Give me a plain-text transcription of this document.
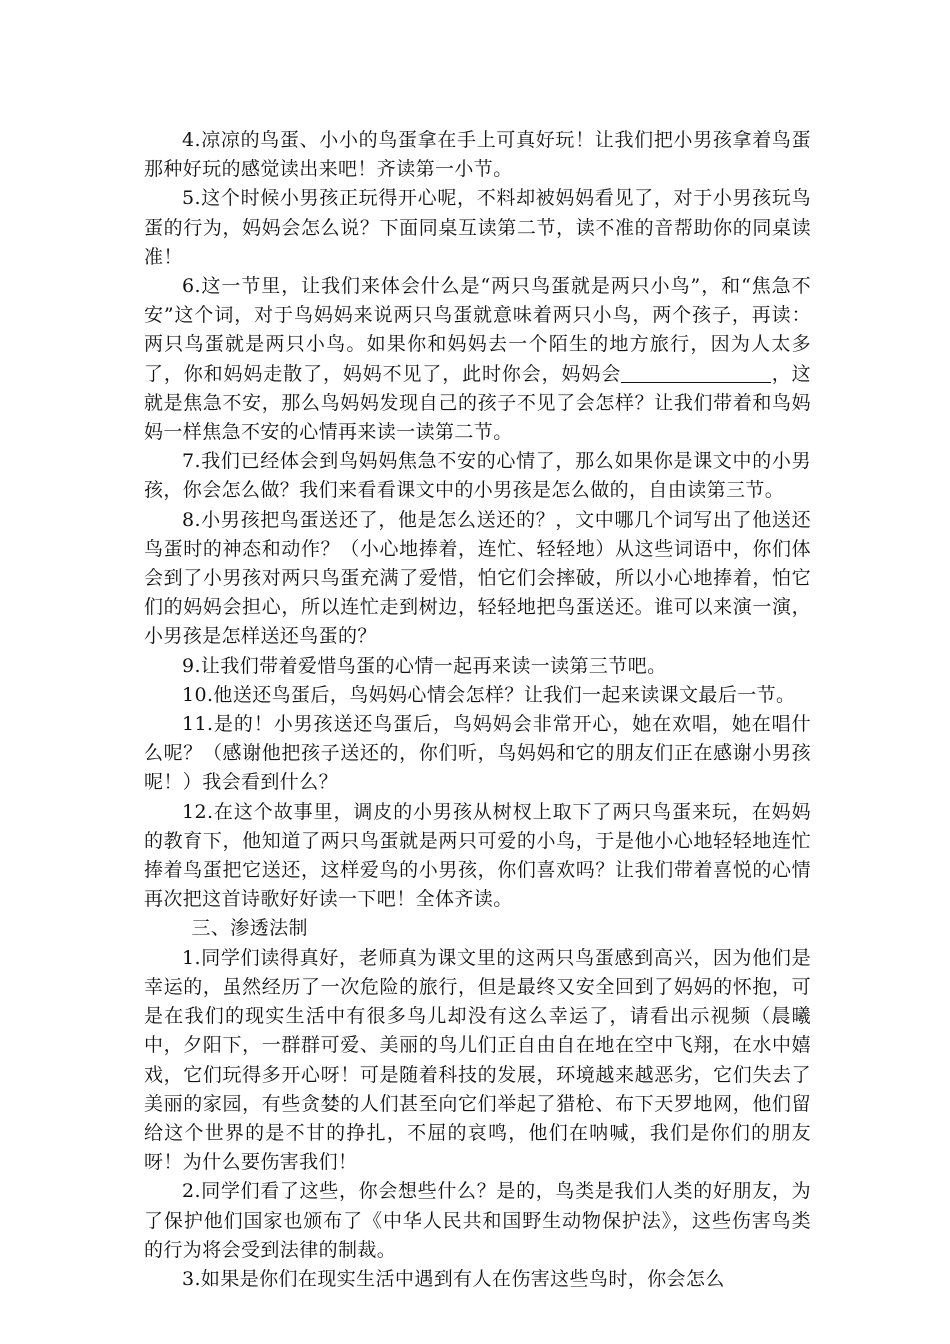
4.凉凉的鸟蛋、小小的鸟蛋拿在手上可真好玩！让我们把小男孩拿着鸟蛋那种好玩的感觉读出来吧！齐读第一小节。

5.这个时候小男孩正玩得开心呢，不料却被妈妈看见了，对于小男孩玩鸟蛋的行为，妈妈会怎么说？下面同桌互读第二节，读不准的音帮助你的同桌读准！

6.这一节里，让我们来体会什么是“两只鸟蛋就是两只小鸟”，和“焦急不安”这个词，对于鸟妈妈来说两只鸟蛋就意味着两只小鸟，两个孩子，再读：两只鸟蛋就是两只小鸟。如果你和妈妈去一个陌生的地方旅行，因为人太多了，你和妈妈走散了，妈妈不见了，此时你会，妈妈会	，这就是焦急不安，那么鸟妈妈发现自己的孩子不见了会怎样？让我们带着和鸟妈妈一样焦急不安的心情再来读一读第二节。

7.我们已经体会到鸟妈妈焦急不安的心情了，那么如果你是课文中的小男孩，你会怎么做？我们来看看课文中的小男孩是怎么做的，自由读第三节。

8.小男孩把鸟蛋送还了，他是怎么送还的？，文中哪几个词写出了他送还鸟蛋时的神态和动作？（小心地捧着，连忙、轻轻地）从这些词语中，你们体会到了小男孩对两只鸟蛋充满了爱惜，怕它们会摔破，所以小心地捧着，怕它们的妈妈会担心，所以连忙走到树边，轻轻地把鸟蛋送还。谁可以来演一演，小男孩是怎样送还鸟蛋的？

9.让我们带着爱惜鸟蛋的心情一起再来读一读第三节吧。

10.他送还鸟蛋后，鸟妈妈心情会怎样？让我们一起来读课文最后一节。

11.是的！小男孩送还鸟蛋后，鸟妈妈会非常开心，她在欢唱，她在唱什么呢？（感谢他把孩子送还的，你们听，鸟妈妈和它的朋友们正在感谢小男孩呢！）我会看到什么？

12.在这个故事里，调皮的小男孩从树杈上取下了两只鸟蛋来玩，在妈妈的教育下，他知道了两只鸟蛋就是两只可爱的小鸟，于是他小心地轻轻地连忙捧着鸟蛋把它送还，这样爱鸟的小男孩，你们喜欢吗？让我们带着喜悦的心情再次把这首诗歌好好读一下吧！全体齐读。

三、渗透法制

1.同学们读得真好，老师真为课文里的这两只鸟蛋感到高兴，因为他们是幸运的，虽然经历了一次危险的旅行，但是最终又安全回到了妈妈的怀抱，可是在我们的现实生活中有很多鸟儿却没有这么幸运了，请看出示视频（晨曦中，夕阳下，一群群可爱、美丽的鸟儿们正自由自在地在空中飞翔，在水中嬉戏，它们玩得多开心呀！可是随着科技的发展，环境越来越恶劣，它们失去了美丽的家园，有些贪婪的人们甚至向它们举起了猎枪、布下天罗地网，他们留给这个世界的是不甘的挣扎，不屈的哀鸣，他们在呐喊，我们是你们的朋友呀！为什么要伤害我们！

2.同学们看了这些，你会想些什么？是的，鸟类是我们人类的好朋友，为了保护他们国家也颁布了《中华人民共和国野生动物保护法》，这些伤害鸟类的行为将会受到法律的制裁。

3.如果是你们在现实生活中遇到有人在伤害这些鸟时，你会怎么
